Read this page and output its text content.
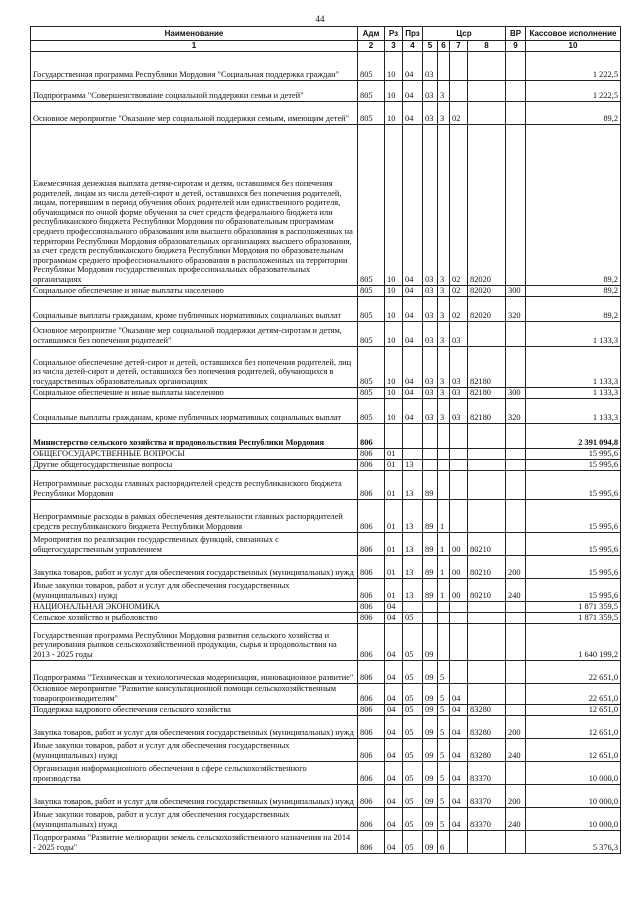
44
Наименование	Адм	Рз	Прз	Цср				ВР	Кассовое исполнение
1	2	3	4	5	6	7	8	9	10
Государственная программа Республики Мордовия "Социальная поддержка граждан"	805	10	04	03					1 222,5
Подпрограмма "Совершенствование социальной поддержки семьи и детей"	805	10	04	03	3				1 222,5
Основное мероприятие "Оказание мер социальной поддержки семьям, имеющим детей"	805	10	04	03	3	02			89,2
Ежемесячная денежная выплата детям-сиротам и детям, оставшимся без попечения родителей, лицам из числа детей-сирот и детей, оставшихся без попечения родителей, лицам, потерявшим в период обучения обоих родителей или единственного родителя, обучающимся по очной форме обучения за счет средств федерального бюджета или республиканского бюджета Республики Мордовия по образовательным программам среднего профессионального образования или высшего образования в расположенных на территории Республики Мордовия образовательных организациях высшего образования, за счет средств республиканского бюджета Республики Мордовия по образовательным программам среднего профессионального образования в расположенных на территории Республики Мордовия государственных профессиональных образовательных организациях	805	10	04	03	3	02	82020		89,2
Социальное обеспечение и иные выплаты населению	805	10	04	03	3	02	82020	300	89,2
Социальные выплаты гражданам, кроме публичных нормативных социальных выплат	805	10	04	03	3	02	82020	320	89,2
Основное мероприятие "Оказание мер социальной поддержки детям-сиротам и детям, оставшимся без попечения родителей"	805	10	04	03	3	03			1 133,3
Социальное обеспечение детей-сирот и детей, оставшихся без попечения родителей, лиц из числа детей-сирот и детей, оставшихся без попечения родителей, обучающихся в государственных образовательных организациях	805	10	04	03	3	03	82180		1 133,3
Социальное обеспечение и иные выплаты населению	805	10	04	03	3	03	82180	300	1 133,3
Социальные выплаты гражданам, кроме публичных нормативных социальных выплат	805	10	04	03	3	03	82180	320	1 133,3
Министерство сельского хозяйства и продовольствия Республики Мордовия	806								2 391 094,8
ОБЩЕГОСУДАРСТВЕННЫЕ ВОПРОСЫ	806	01							15 995,6
Другие общегосударственные вопросы	806	01	13						15 995,6
Непрограммные расходы главных распорядителей средств республиканского бюджета Республики Мордовия	806	01	13	89					15 995,6
Непрограммные расходы в рамках обеспечения деятельности главных распорядителей средств республиканского бюджета Республики Мордовия	806	01	13	89	1				15 995,6
Мероприятия по реализации государственных функций, связанных с общегосударственным управлением	806	01	13	89	1	00	80210		15 995,6
Закупка товаров, работ и услуг для обеспечения государственных (муниципальных) нужд	806	01	13	89	1	00	80210	200	15 995,6
Иные закупки товаров, работ и услуг для обеспечения государственных (муниципальных) нужд	806	01	13	89	1	00	80210	240	15 995,6
НАЦИОНАЛЬНАЯ ЭКОНОМИКА	806	04							1 871 359,5
Сельское хозяйство и рыболовство	806	04	05						1 871 359,5
Государственная программа Республики Мордовия развития сельского хозяйства и регулирования рынков сельскохозяйственной продукции, сырья и продовольствия на 2013 - 2025 годы	806	04	05	09					1 640 199,2
Подпрограмма "Техническая и технологическая модернизация, инновационное развитие"	806	04	05	09	5				22 651,0
Основное мероприятие "Развитие консультационной помощи сельскохозяйственным товаропроизводителям"	806	04	05	09	5	04			22 651,0
Поддержка кадрового обеспечения сельского хозяйства	806	04	05	09	5	04	83280		12 651,0
Закупка товаров, работ и услуг для обеспечения государственных (муниципальных) нужд	806	04	05	09	5	04	83280	200	12 651,0
Иные закупки товаров, работ и услуг для обеспечения государственных (муниципальных) нужд	806	04	05	09	5	04	83280	240	12 651,0
Организация информационного обеспечения в сфере сельскохозяйственного производства	806	04	05	09	5	04	83370		10 000,0
Закупка товаров, работ и услуг для обеспечения государственных (муниципальных) нужд	806	04	05	09	5	04	83370	200	10 000,0
Иные закупки товаров, работ и услуг для обеспечения государственных (муниципальных) нужд	806	04	05	09	5	04	83370	240	10 000,0
Подпрограмма "Развитие мелиорации земель сельскохозяйственного назначения на 2014 - 2025 годы"	806	04	05	09	6				5 376,3
